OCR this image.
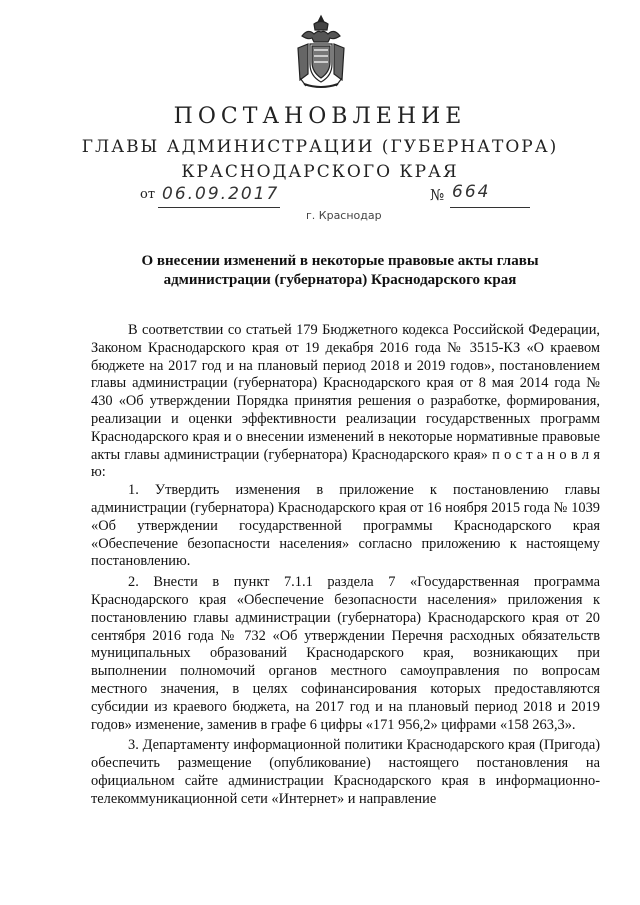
ПОСТАНОВЛЕНИЕ
ГЛАВЫ АДМИНИСТРАЦИИ (ГУБЕРНАТОРА)
КРАСНОДАРСКОГО КРАЯ
от 06.09.2017	№ 664
г. Краснодар
О внесении изменений в некоторые правовые акты главы
администрации (губернатора) Краснодарского края

В соответствии со статьей 179 Бюджетного кодекса Российской Федерации, Законом Краснодарского края от 19 декабря 2016 года № 3515-КЗ «О краевом бюджете на 2017 год и на плановый период 2018 и 2019 годов», постановлением главы администрации (губернатора) Краснодарского края от 8 мая 2014 года № 430 «Об утверждении Порядка принятия решения о разработке, формирования, реализации и оценки эффективности реализации государственных программ Краснодарского края и о внесении изменений в некоторые нормативные правовые акты главы администрации (губернатора) Краснодарского края» п о с т а н о в л я ю:

1. Утвердить изменения в приложение к постановлению главы администрации (губернатора) Краснодарского края от 16 ноября 2015 года № 1039 «Об утверждении государственной программы Краснодарского края «Обеспечение безопасности населения» согласно приложению к настоящему постановлению.

2. Внести в пункт 7.1.1 раздела 7 «Государственная программа Краснодарского края «Обеспечение безопасности населения» приложения к постановлению главы администрации (губернатора) Краснодарского края от 20 сентября 2016 года № 732 «Об утверждении Перечня расходных обязательств муниципальных образований Краснодарского края, возникающих при выполнении полномочий органов местного самоуправления по вопросам местного значения, в целях софинансирования которых предоставляются субсидии из краевого бюджета, на 2017 год и на плановый период 2018 и 2019 годов» изменение, заменив в графе 6 цифры «171 956,2» цифрами «158 263,3».

3. Департаменту информационной политики Краснодарского края (Пригода) обеспечить размещение (опубликование) настоящего постановления на официальном сайте администрации Краснодарского края в информационно-телекоммуникационной сети «Интернет» и направление
